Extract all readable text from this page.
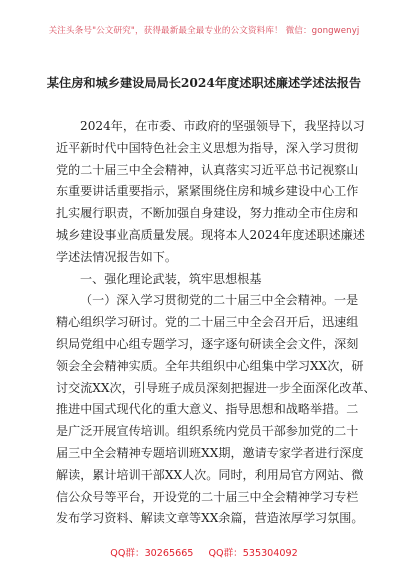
关注头条号"公文研究"，获得最新最全最专业的公文资料库！ 微信：gongwenyj
某住房和城乡建设局局长2024年度述职述廉述学述法报告
2024年，在市委、市政府的坚强领导下，我坚持以习
近平新时代中国特色社会主义思想为指导，深入学习贯彻
党的二十届三中全会精神，认真落实习近平总书记视察山
东重要讲话重要指示，紧紧围绕住房和城乡建设中心工作
扎实履行职责，不断加强自身建设，努力推动全市住房和
城乡建设事业高质量发展。现将本人2024年度述职述廉述
学述法情况报告如下。
一、强化理论武装，筑牢思想根基
（一）深入学习贯彻党的二十届三中全会精神。一是
精心组织学习研讨。党的二十届三中全会召开后，迅速组
织局党组中心组专题学习，逐字逐句研读全会文件，深刻
领会全会精神实质。全年共组织中心组集中学习XX次，研
讨交流XX次，引导班子成员深刻把握进一步全面深化改革、
推进中国式现代化的重大意义、指导思想和战略举措。二
是广泛开展宣传培训。组织系统内党员干部参加党的二十
届三中全会精神专题培训班XX期，邀请专家学者进行深度
解读，累计培训干部XX人次。同时，利用局官方网站、微
信公众号等平台，开设党的二十届三中全会精神学习专栏
发布学习资料、解读文章等XX余篇，营造浓厚学习氛围。
QQ群：30265665 QQ群：535304092
